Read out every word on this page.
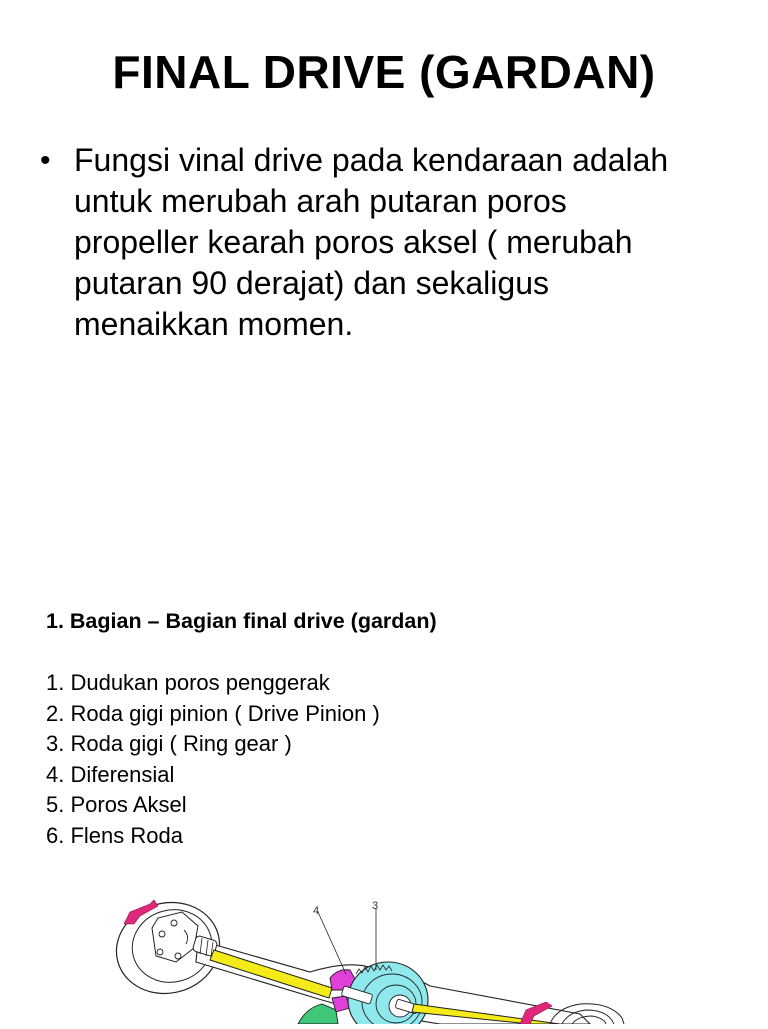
FINAL DRIVE (GARDAN)
• Fungsi vinal drive pada kendaraan adalah
untuk merubah arah putaran poros
propeller kearah poros aksel ( merubah
putaran 90 derajat) dan sekaligus
menaikkan momen.

1. Bagian – Bagian final drive (gardan)
1. Dudukan poros penggerak
2. Roda gigi pinion ( Drive Pinion )
3. Roda gigi ( Ring gear )
4. Diferensial
5. Poros Aksel
6. Flens Roda
4	3
